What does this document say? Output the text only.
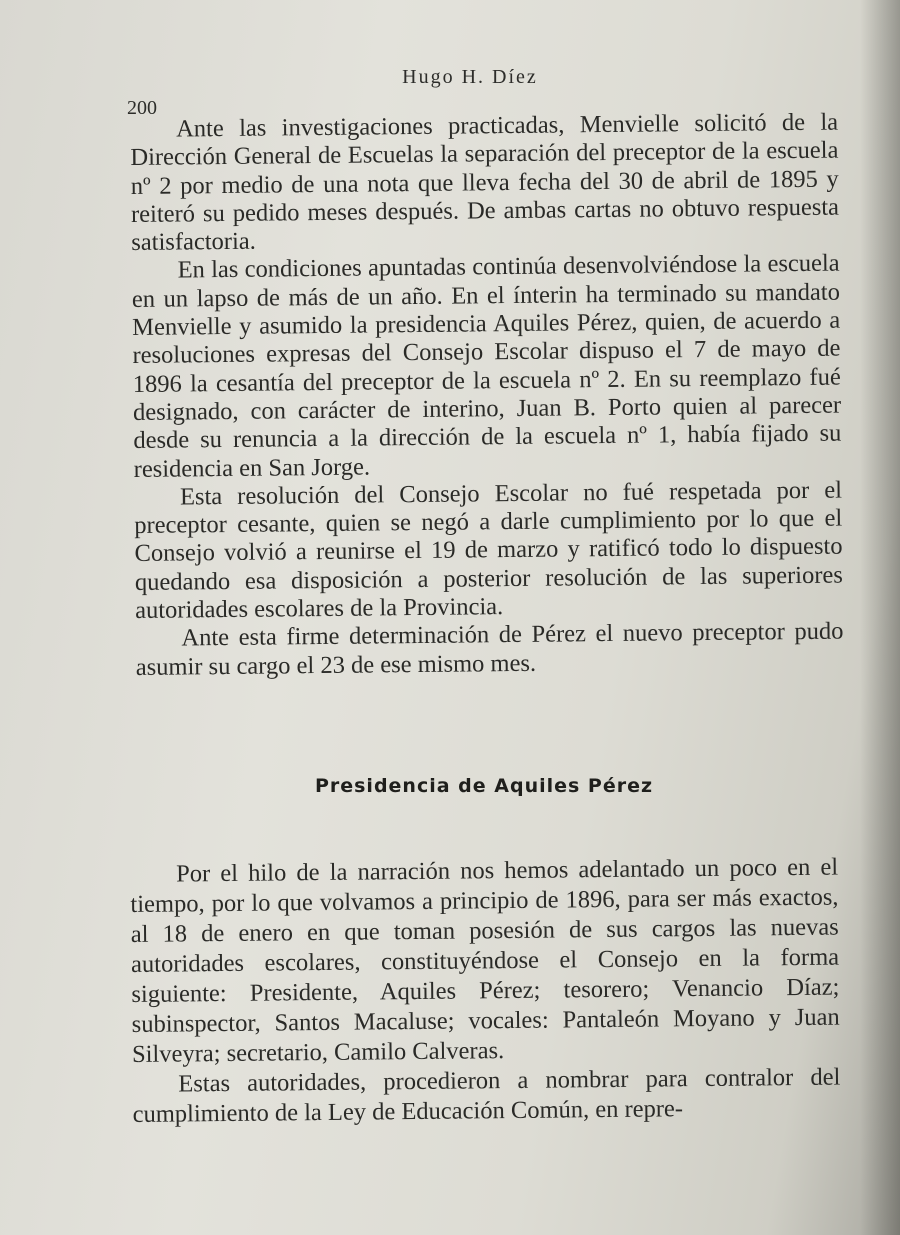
Hugo H. Díez
200

Ante las investigaciones practicadas, Menvielle solicitó de la Dirección General de Escuelas la separación del preceptor de la escuela nº 2 por medio de una nota que lleva fecha del 30 de abril de 1895 y reiteró su pedido meses después. De ambas cartas no obtuvo respuesta satisfactoria.

En las condiciones apuntadas continúa desenvolviéndose la escuela en un lapso de más de un año. En el ínterin ha terminado su mandato Menvielle y asumido la presidencia Aquiles Pérez, quien, de acuerdo a resoluciones expresas del Consejo Escolar dispuso el 7 de mayo de 1896 la cesantía del preceptor de la escuela nº 2. En su reemplazo fué designado, con carácter de interino, Juan B. Porto quien al parecer desde su renuncia a la dirección de la escuela nº 1, había fijado su residencia en San Jorge.

Esta resolución del Consejo Escolar no fué respetada por el preceptor cesante, quien se negó a darle cumplimiento por lo que el Consejo volvió a reunirse el 19 de marzo y ratificó todo lo dispuesto quedando esa disposición a posterior resolución de las superiores autoridades escolares de la Provincia.

Ante esta firme determinación de Pérez el nuevo preceptor pudo asumir su cargo el 23 de ese mismo mes.

Presidencia de Aquiles Pérez

Por el hilo de la narración nos hemos adelantado un poco en el tiempo, por lo que volvamos a principio de 1896, para ser más exactos, al 18 de enero en que toman posesión de sus cargos las nuevas autoridades escolares, constituyéndose el Consejo en la forma siguiente: Presidente, Aquiles Pérez; tesorero; Venancio Díaz; subinspector, Santos Macaluse; vocales: Pantaleón Moyano y Juan Silveyra; secretario, Camilo Calveras.

Estas autoridades, procedieron a nombrar para contralor del cumplimiento de la Ley de Educación Común, en repre-
